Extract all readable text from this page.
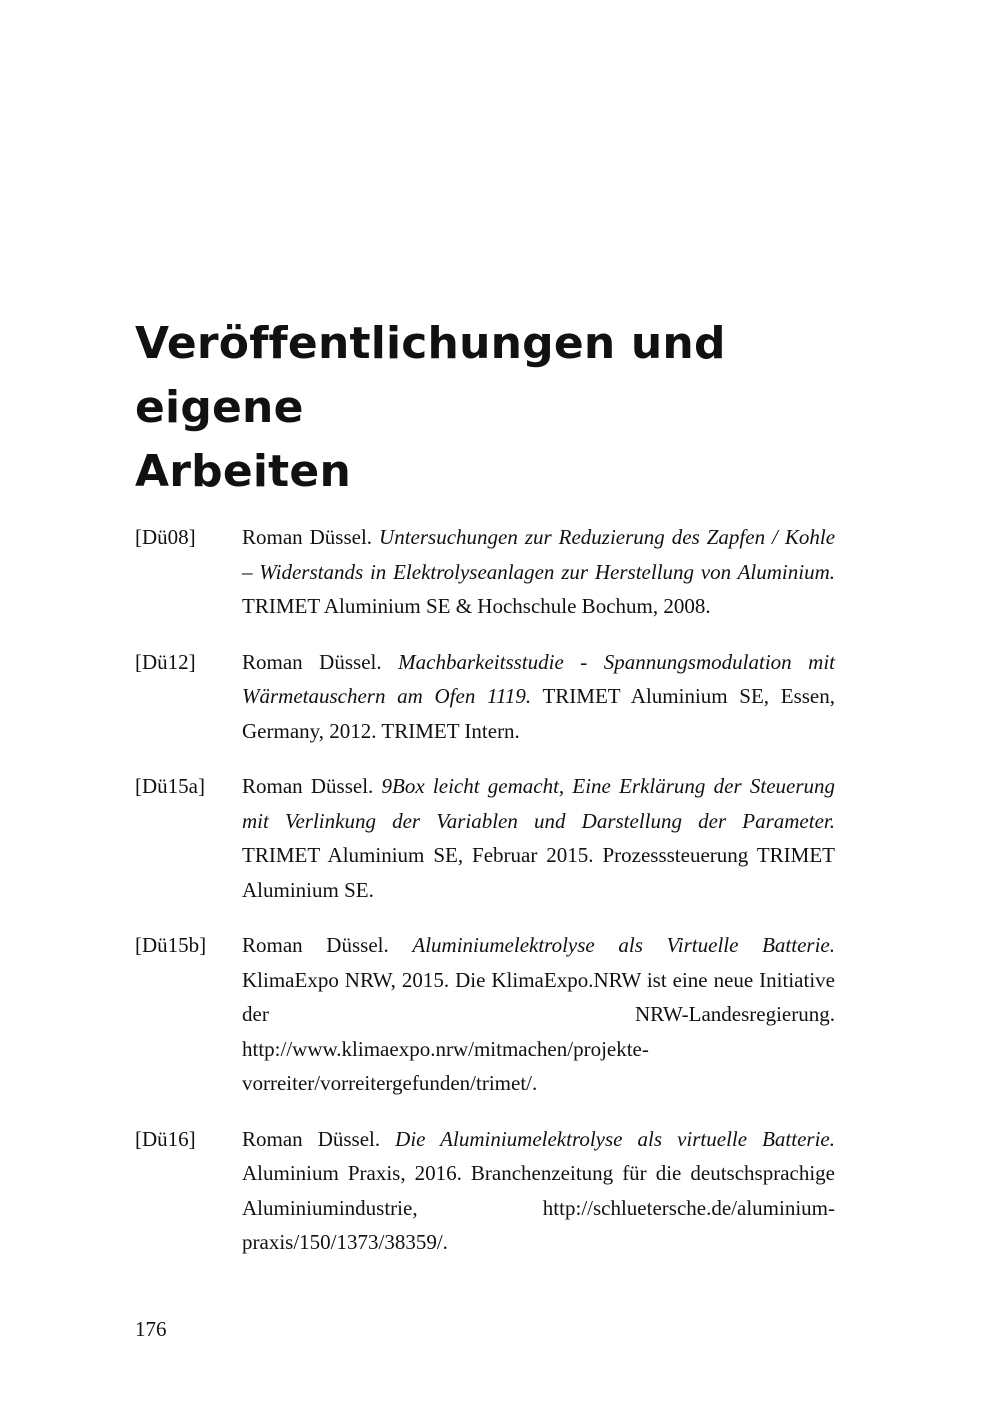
Veröffentlichungen und eigene
Arbeiten
[Dü08] Roman Düssel. Untersuchungen zur Reduzierung des Zapfen / Kohle – Widerstands in Elektrolyseanlagen zur Herstellung von Aluminium. TRIMET Aluminium SE & Hochschule Bochum, 2008.
[Dü12] Roman Düssel. Machbarkeitsstudie - Spannungsmodulation mit Wärmetauschern am Ofen 1119. TRIMET Aluminium SE, Essen, Germany, 2012. TRIMET Intern.
[Dü15a] Roman Düssel. 9Box leicht gemacht, Eine Erklärung der Steuerung mit Verlinkung der Variablen und Darstellung der Parameter. TRIMET Aluminium SE, Februar 2015. Prozesssteuerung TRIMET Aluminium SE.
[Dü15b] Roman Düssel. Aluminiumelektrolyse als Virtuelle Batterie. KlimaExpo NRW, 2015. Die KlimaExpo.NRW ist eine neue Initiative der NRW-Landesregierung. http://www.klimaexpo.nrw/mitmachen/projektevorreiter/vorreitergefunden/trimet/.
[Dü16] Roman Düssel. Die Aluminiumelektrolyse als virtuelle Batterie. Aluminium Praxis, 2016. Branchenzeitung für die deutschsprachige Aluminiumindustrie, http://schluetersche.de/aluminiumpraxis/150/1373/38359/.
176
